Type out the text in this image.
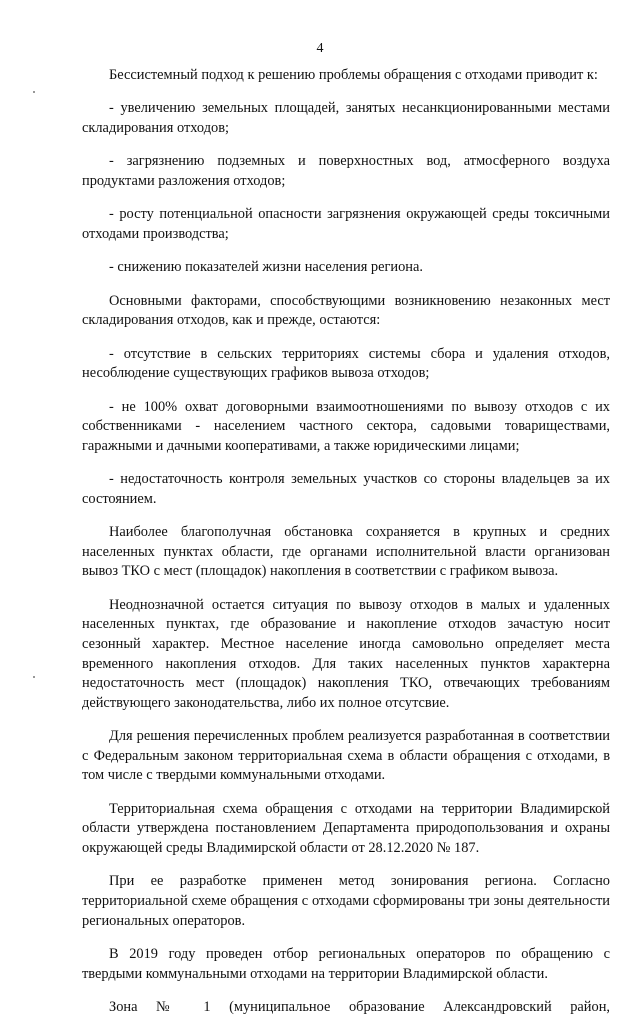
4

Бессистемный подход к решению проблемы обращения с отходами приводит к:

- увеличению земельных площадей, занятых несанкционированными местами складирования отходов;

- загрязнению подземных и поверхностных вод, атмосферного воздуха продуктами разложения отходов;

- росту потенциальной опасности загрязнения окружающей среды токсичными отходами производства;

- снижению показателей жизни населения региона.

Основными факторами, способствующими возникновению незаконных мест складирования отходов, как и прежде, остаются:

- отсутствие в сельских территориях системы сбора и удаления отходов, несоблюдение существующих графиков вывоза отходов;

- не 100% охват договорными взаимоотношениями по вывозу отходов с их собственниками - населением частного сектора, садовыми товариществами, гаражными и дачными кооперативами, а также юридическими лицами;

- недостаточность контроля земельных участков со стороны владельцев за их состоянием.

Наиболее благополучная обстановка сохраняется в крупных и средних населенных пунктах области, где органами исполнительной власти организован вывоз ТКО с мест (площадок) накопления в соответствии с графиком вывоза.

Неоднозначной остается ситуация по вывозу отходов в малых и удаленных населенных пунктах, где образование и накопление отходов зачастую носит сезонный характер. Местное население иногда самовольно определяет места временного накопления отходов. Для таких населенных пунктов характерна недостаточность мест (площадок) накопления ТКО, отвечающих требованиям действующего законодательства, либо их полное отсутсвие.

Для решения перечисленных проблем реализуется разработанная в соответствии с Федеральным законом территориальная схема в области обращения с отходами, в том числе с твердыми коммунальными отходами.

Территориальная схема обращения с отходами на территории Владимирской области утверждена постановлением Департамента природопользования и охраны окружающей среды Владимирской области от 28.12.2020 № 187.

При ее разработке применен метод зонирования региона. Согласно территориальной схеме обращения с отходами сформированы три зоны деятельности региональных операторов.

В 2019 году проведен отбор региональных операторов по обращению с твердыми коммунальными отходами на территории Владимирской области.

Зона № 1 (муниципальное образование Александровский район,
